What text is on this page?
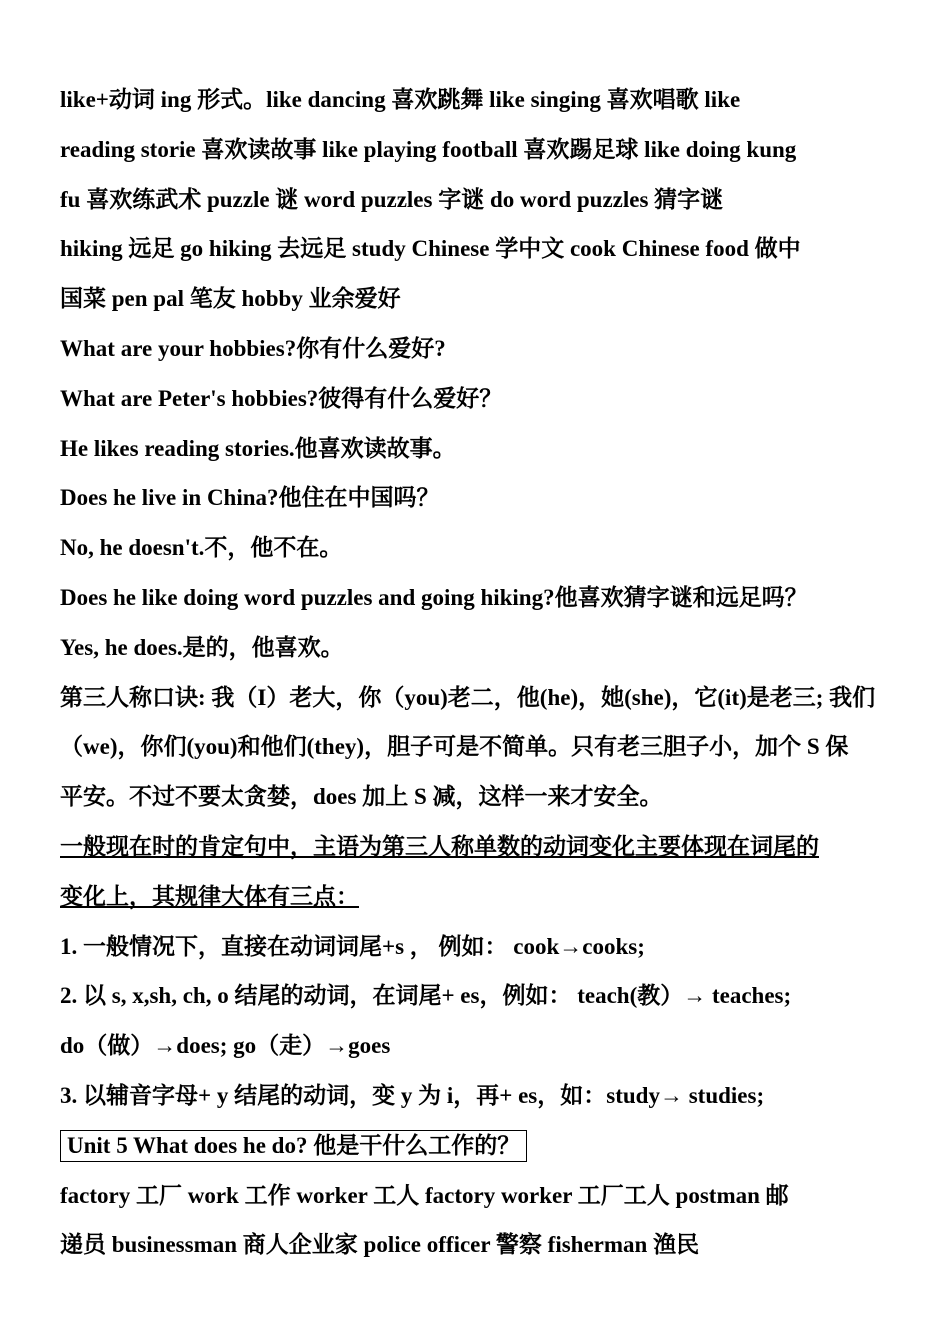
like+动词 ing 形式。like dancing 喜欢跳舞 like singing 喜欢唱歌 like
reading storie 喜欢读故事 like playing football 喜欢踢足球 like doing kung
fu 喜欢练武术 puzzle 谜 word puzzles 字谜 do word puzzles 猜字谜
hiking 远足 go hiking 去远足 study Chinese 学中文 cook Chinese food 做中
国菜 pen pal 笔友 hobby 业余爱好
What are your hobbies?你有什么爱好?
What are Peter's hobbies?彼得有什么爱好？
He likes reading stories.他喜欢读故事。
Does he live in China?他住在中国吗？
No, he doesn't.不，他不在。
Does he like doing word puzzles and going hiking?他喜欢猜字谜和远足吗？
Yes, he does.是的，他喜欢。
第三人称口诀: 我（I）老大，你（you)老二，他(he)，她(she)，它(it)是老三; 我们
（we)，你们(you)和他们(they)，胆子可是不简单。只有老三胆子小，加个 S 保
平安。不过不要太贪婪，does 加上 S 减，这样一来才安全。
一般现在时的肯定句中，主语为第三人称单数的动词变化主要体现在词尾的
变化上，其规律大体有三点：
1. 一般情况下，直接在动词词尾+s ， 例如： cook→cooks;
2. 以 s, x,sh, ch, o 结尾的动词，在词尾+ es，例如： teach(教）→ teaches;
do（做）→does; go（走）→goes
3. 以辅音字母+ y 结尾的动词，变 y 为 i，再+ es，如：study→ studies;
Unit 5 What does he do? 他是干什么工作的？
factory 工厂 work 工作 worker 工人 factory worker 工厂工人 postman 邮
递员 businessman 商人企业家 police officer 警察 fisherman 渔民
